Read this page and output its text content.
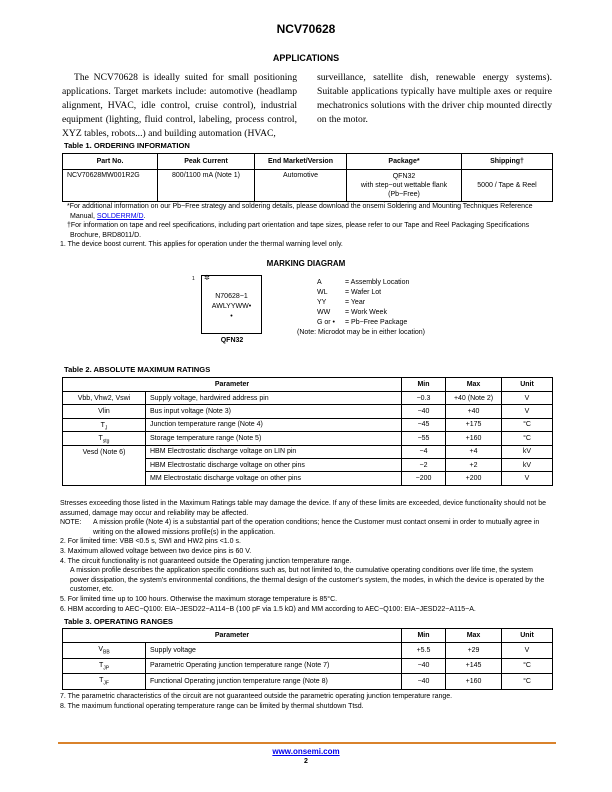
NCV70628
APPLICATIONS
The NCV70628 is ideally suited for small positioning applications. Target markets include: automotive (headlamp alignment, HVAC, idle control, cruise control), industrial equipment (lighting, fluid control, labeling, process control, XYZ tables, robots...) and building automation (HVAC,
surveillance, satellite dish, renewable energy systems). Suitable applications typically have multiple axes or require mechatronics solutions with the driver chip mounted directly on the motor.
Table 1. ORDERING INFORMATION
Part No.	Peak Current	End Market/Version	Package*	Shipping†
NCV70628MW001R2G	800/1100 mA (Note 1)	Automotive	QFN32
with step−out wettable flank
(Pb−Free)	5000 / Tape & Reel

*For additional information on our Pb−Free strategy and soldering details, please download the onsemi Soldering and Mounting Techniques Reference Manual, SOLDERRM/D.

†For information on tape and reel specifications, including part orientation and tape sizes, please refer to our Tape and Reel Packaging Specifications Brochure, BRD8011/D.

1. The device boost current. This applies for operation under the thermal warning level only.

MARKING DIAGRAM
1 ✲
N70628−1
AWLYYWW•
•
QFN32
A	= Assembly Location
WL	= Wafer Lot
YY	= Year
WW = Work Week
G or • = Pb−Free Package
(Note: Microdot may be in either location)
Table 2. ABSOLUTE MAXIMUM RATINGS
Parameter		Min	Max	Unit
Vbb, Vhw2, Vswi	Supply voltage, hardwired address pin	−0.3	+40 (Note 2)	V
Vlin	Bus input voltage (Note 3)	−40	+40	V
$T_J$	Junction temperature range (Note 4)	−45	+175	°C
$T_{stg}$	Storage temperature range (Note 5)	−55	+160	°C
Vesd (Note 6)	HBM Electrostatic discharge voltage on LIN pin	−4	+4	kV
	HBM Electrostatic discharge voltage on other pins	−2	+2	kV
	MM Electrostatic discharge voltage on other pins	−200	+200	V

Stresses exceeding those listed in the Maximum Ratings table may damage the device. If any of these limits are exceeded, device functionality should not be assumed, damage may occur and reliability may be affected.

NOTE:	A mission profile (Note 4) is a substantial part of the operation conditions; hence the Customer must contact onsemi in order to mutually agree in writing on the allowed missions profile(s) in the application.

2. For limited time: VBB <0.5 s, SWI and HW2 pins <1.0 s.

3. Maximum allowed voltage between two device pins is 60 V.

4. The circuit functionality is not guaranteed outside the Operating junction temperature range.

A mission profile describes the application specific conditions such as, but not limited to, the cumulative operating conditions over life time, the system power dissipation, the system’s environmental conditions, the thermal design of the customer’s system, the modes, in which the device is operated by the customer, etc.

5. For limited time up to 100 hours. Otherwise the maximum storage temperature is 85°C.

6. HBM according to AEC−Q100: EIA−JESD22−A114−B (100 pF via 1.5 kΩ) and MM according to AEC−Q100: EIA−JESD22−A115−A.

Table 3. OPERATING RANGES
Parameter		Min	Max	Unit
$V_{BB}$	Supply voltage	+5.5	+29	V
$T_{JP}$	Parametric Operating junction temperature range (Note 7)	−40	+145	°C
$T_{JF}$	Functional Operating junction temperature range (Note 8)	−40	+160	°C

7. The parametric characteristics of the circuit are not guaranteed outside the parametric operating junction temperature range.

8. The maximum functional operating temperature range can be limited by thermal shutdown Ttsd.

www.onsemi.com
2
